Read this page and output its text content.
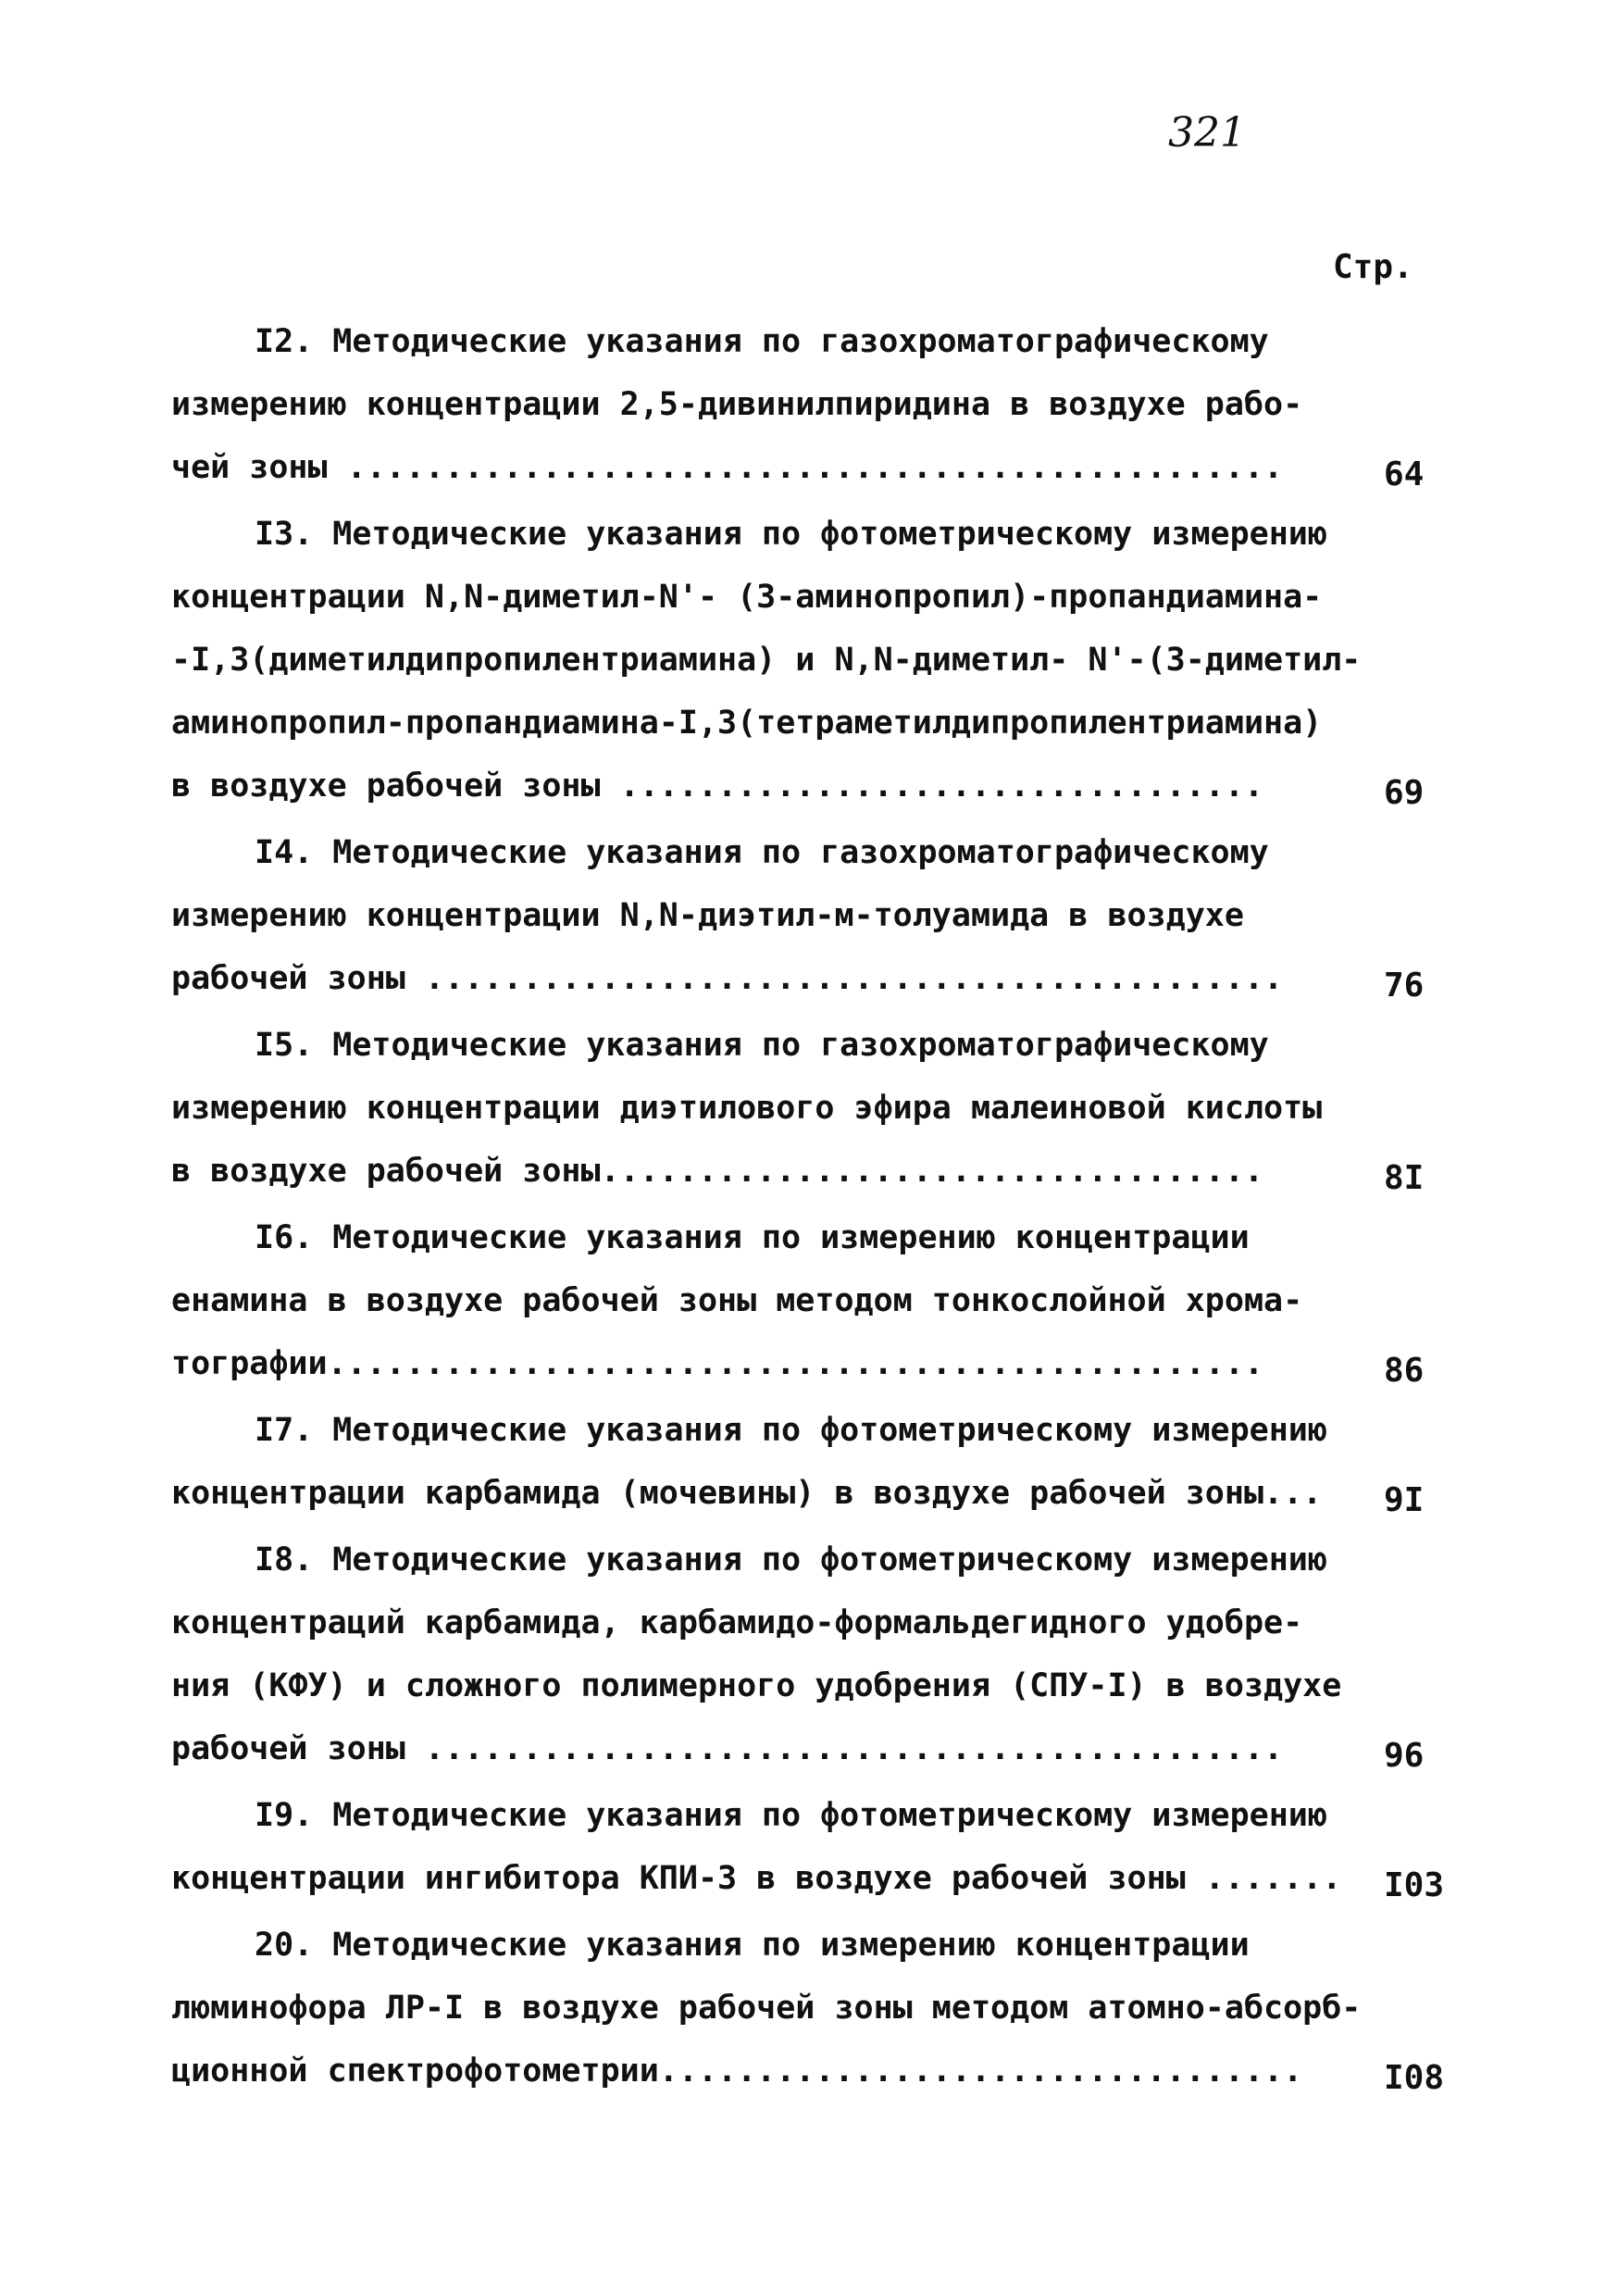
321
Стр.
I2. Методические указания по газохроматографическому
измерению концентрации 2,5-дивинилпиридина в воздухе рабо-
чей зоны ................................................	64
I3. Методические указания по фотометрическому измерению
концентрации N,N-диметил-N'- (3-аминопропил)-пропандиамина-
-I,3(диметилдипропилентриамина) и N,N-диметил- N'-(3-диметил-
аминопропил-пропандиамина-I,3(тетраметилдипропилентриамина)
в воздухе рабочей зоны .................................	69
I4. Методические указания по газохроматографическому
измерению концентрации N,N-диэтил-м-толуамида в воздухе
рабочей зоны ............................................	76
I5. Методические указания по газохроматографическому
измерению концентрации диэтилового эфира малеиновой кислоты
в воздухе рабочей зоны..................................	8I
I6. Методические указания по измерению концентрации
енамина в воздухе рабочей зоны методом тонкослойной хрома-
тографии................................................	86
I7. Методические указания по фотометрическому измерению
концентрации карбамида (мочевины) в воздухе рабочей зоны...	9I
I8. Методические указания по фотометрическому измерению
концентраций карбамида, карбамидо-формальдегидного удобре-
ния (КФУ) и сложного полимерного удобрения (СПУ-I) в воздухе
рабочей зоны ............................................	96
I9. Методические указания по фотометрическому измерению
концентрации ингибитора КПИ-3 в воздухе рабочей зоны .......	I03
20. Методические указания по измерению концентрации
люминофора ЛР-I в воздухе рабочей зоны методом атомно-абсорб-
ционной спектрофотометрии.................................	I08
